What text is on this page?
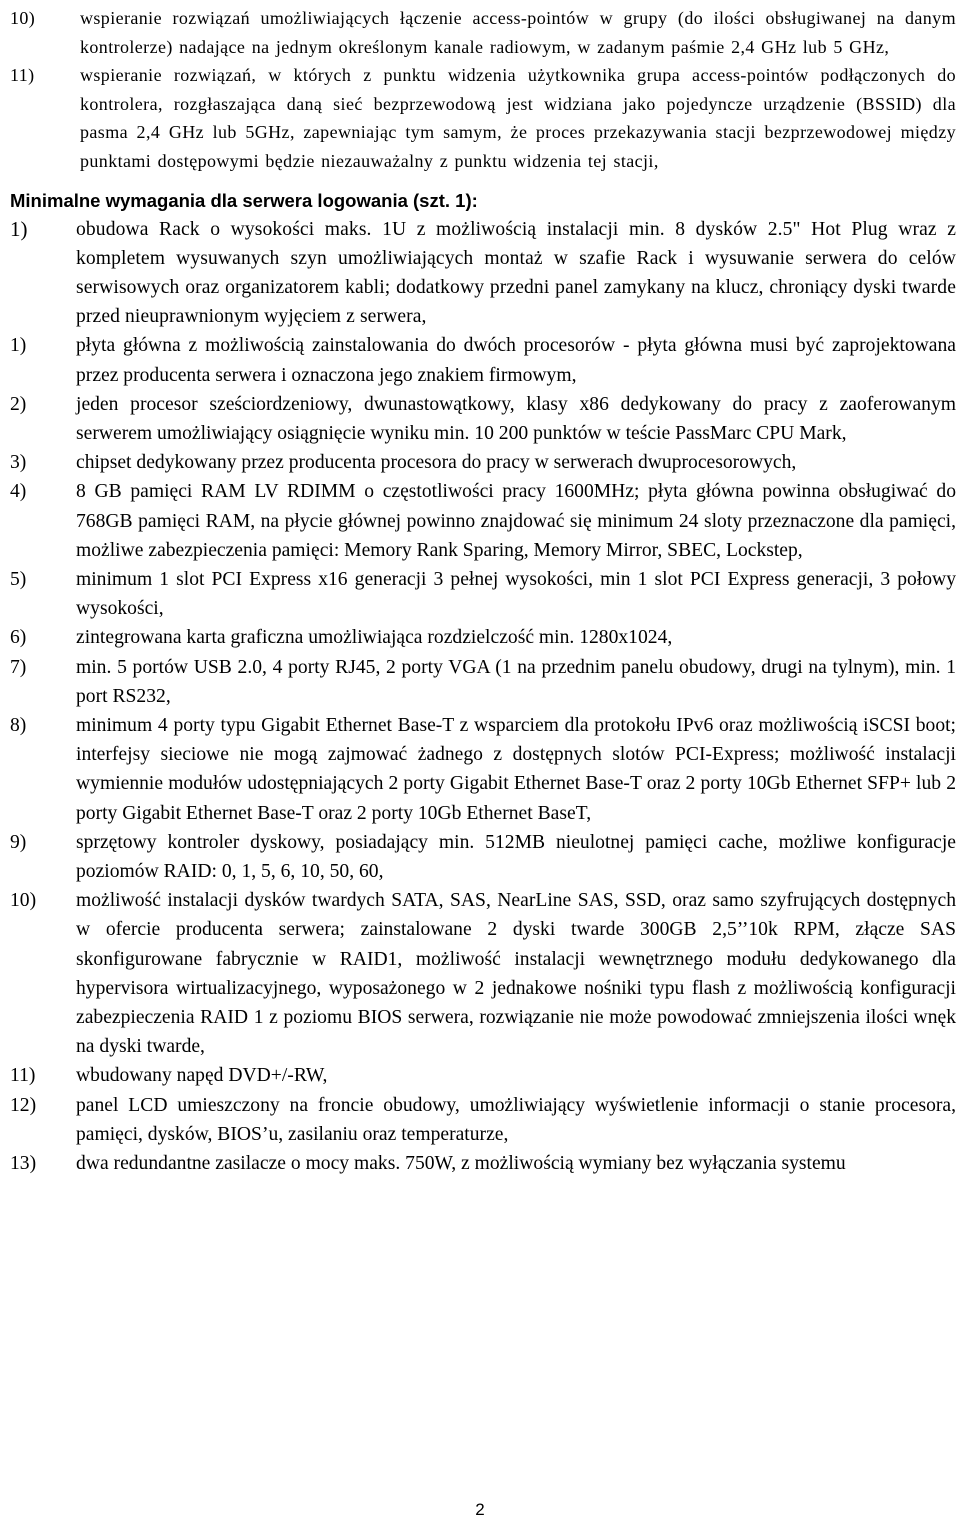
10)	wspieranie rozwiązań umożliwiających łączenie access-pointów w grupy (do ilości obsługiwanej na danym kontrolerze) nadające na jednym określonym kanale radiowym, w zadanym paśmie 2,4 GHz lub 5 GHz,
11)	wspieranie rozwiązań, w których z punktu widzenia użytkownika grupa access-pointów podłączonych do kontrolera, rozgłaszająca daną sieć bezprzewodową jest widziana jako pojedyncze urządzenie (BSSID) dla pasma 2,4 GHz lub 5GHz, zapewniając tym samym, że proces przekazywania stacji bezprzewodowej między punktami dostępowymi będzie niezauważalny z punktu widzenia tej stacji,
Minimalne wymagania dla serwera logowania (szt. 1):
1)	obudowa Rack o wysokości maks. 1U z możliwością instalacji min. 8 dysków 2.5" Hot Plug wraz z kompletem wysuwanych szyn umożliwiających montaż w szafie Rack i wysuwanie serwera do celów serwisowych oraz organizatorem kabli; dodatkowy przedni panel zamykany na klucz, chroniący dyski twarde przed nieuprawnionym wyjęciem z serwera,
1)	płyta główna z możliwością zainstalowania do dwóch procesorów - płyta główna musi być zaprojektowana przez producenta serwera i oznaczona jego znakiem firmowym,
2)	jeden procesor sześciordzeniowy, dwunastowątkowy, klasy x86 dedykowany do pracy z zaoferowanym serwerem umożliwiający osiągnięcie wyniku min. 10 200 punktów w teście PassMarc CPU Mark,
3)	chipset dedykowany przez producenta procesora do pracy w serwerach dwuprocesorowych,
4)	8 GB pamięci RAM LV RDIMM o częstotliwości pracy 1600MHz; płyta główna powinna obsługiwać do 768GB pamięci RAM, na płycie głównej powinno znajdować się minimum 24 sloty przeznaczone dla pamięci, możliwe zabezpieczenia pamięci: Memory Rank Sparing, Memory Mirror, SBEC, Lockstep,
5)	minimum 1 slot PCI Express x16 generacji 3 pełnej wysokości, min 1 slot PCI Express generacji, 3 połowy wysokości,
6)	zintegrowana karta graficzna umożliwiająca rozdzielczość min. 1280x1024,
7)	min. 5 portów USB 2.0, 4 porty RJ45, 2 porty VGA (1 na przednim panelu obudowy, drugi na tylnym), min. 1 port RS232,
8)	minimum 4 porty typu Gigabit Ethernet Base-T z wsparciem dla protokołu IPv6 oraz możliwością iSCSI boot; interfejsy sieciowe nie mogą zajmować żadnego z dostępnych slotów PCI-Express; możliwość instalacji wymiennie modułów udostępniających 2 porty Gigabit Ethernet Base-T oraz 2 porty 10Gb Ethernet SFP+ lub 2 porty Gigabit Ethernet Base-T oraz 2 porty 10Gb Ethernet BaseT,
9)	sprzętowy kontroler dyskowy, posiadający min. 512MB nieulotnej pamięci cache, możliwe konfiguracje poziomów RAID: 0, 1, 5, 6, 10, 50, 60,
10)	możliwość instalacji dysków twardych SATA, SAS, NearLine SAS, SSD, oraz samo szyfrujących dostępnych w ofercie producenta serwera; zainstalowane 2 dyski twarde 300GB 2,5’’10k RPM, złącze SAS skonfigurowane fabrycznie w RAID1, możliwość instalacji wewnętrznego modułu dedykowanego dla hypervisora wirtualizacyjnego, wyposażonego w 2 jednakowe nośniki typu flash z możliwością konfiguracji zabezpieczenia RAID 1 z poziomu BIOS serwera, rozwiązanie nie może powodować zmniejszenia ilości wnęk na dyski twarde,
11)	wbudowany napęd DVD+/-RW,
12)	panel LCD umieszczony na froncie obudowy, umożliwiający wyświetlenie informacji o stanie procesora, pamięci, dysków, BIOS’u, zasilaniu oraz temperaturze,
13)	dwa redundantne zasilacze o mocy maks. 750W, z możliwością wymiany bez wyłączania systemu
2
